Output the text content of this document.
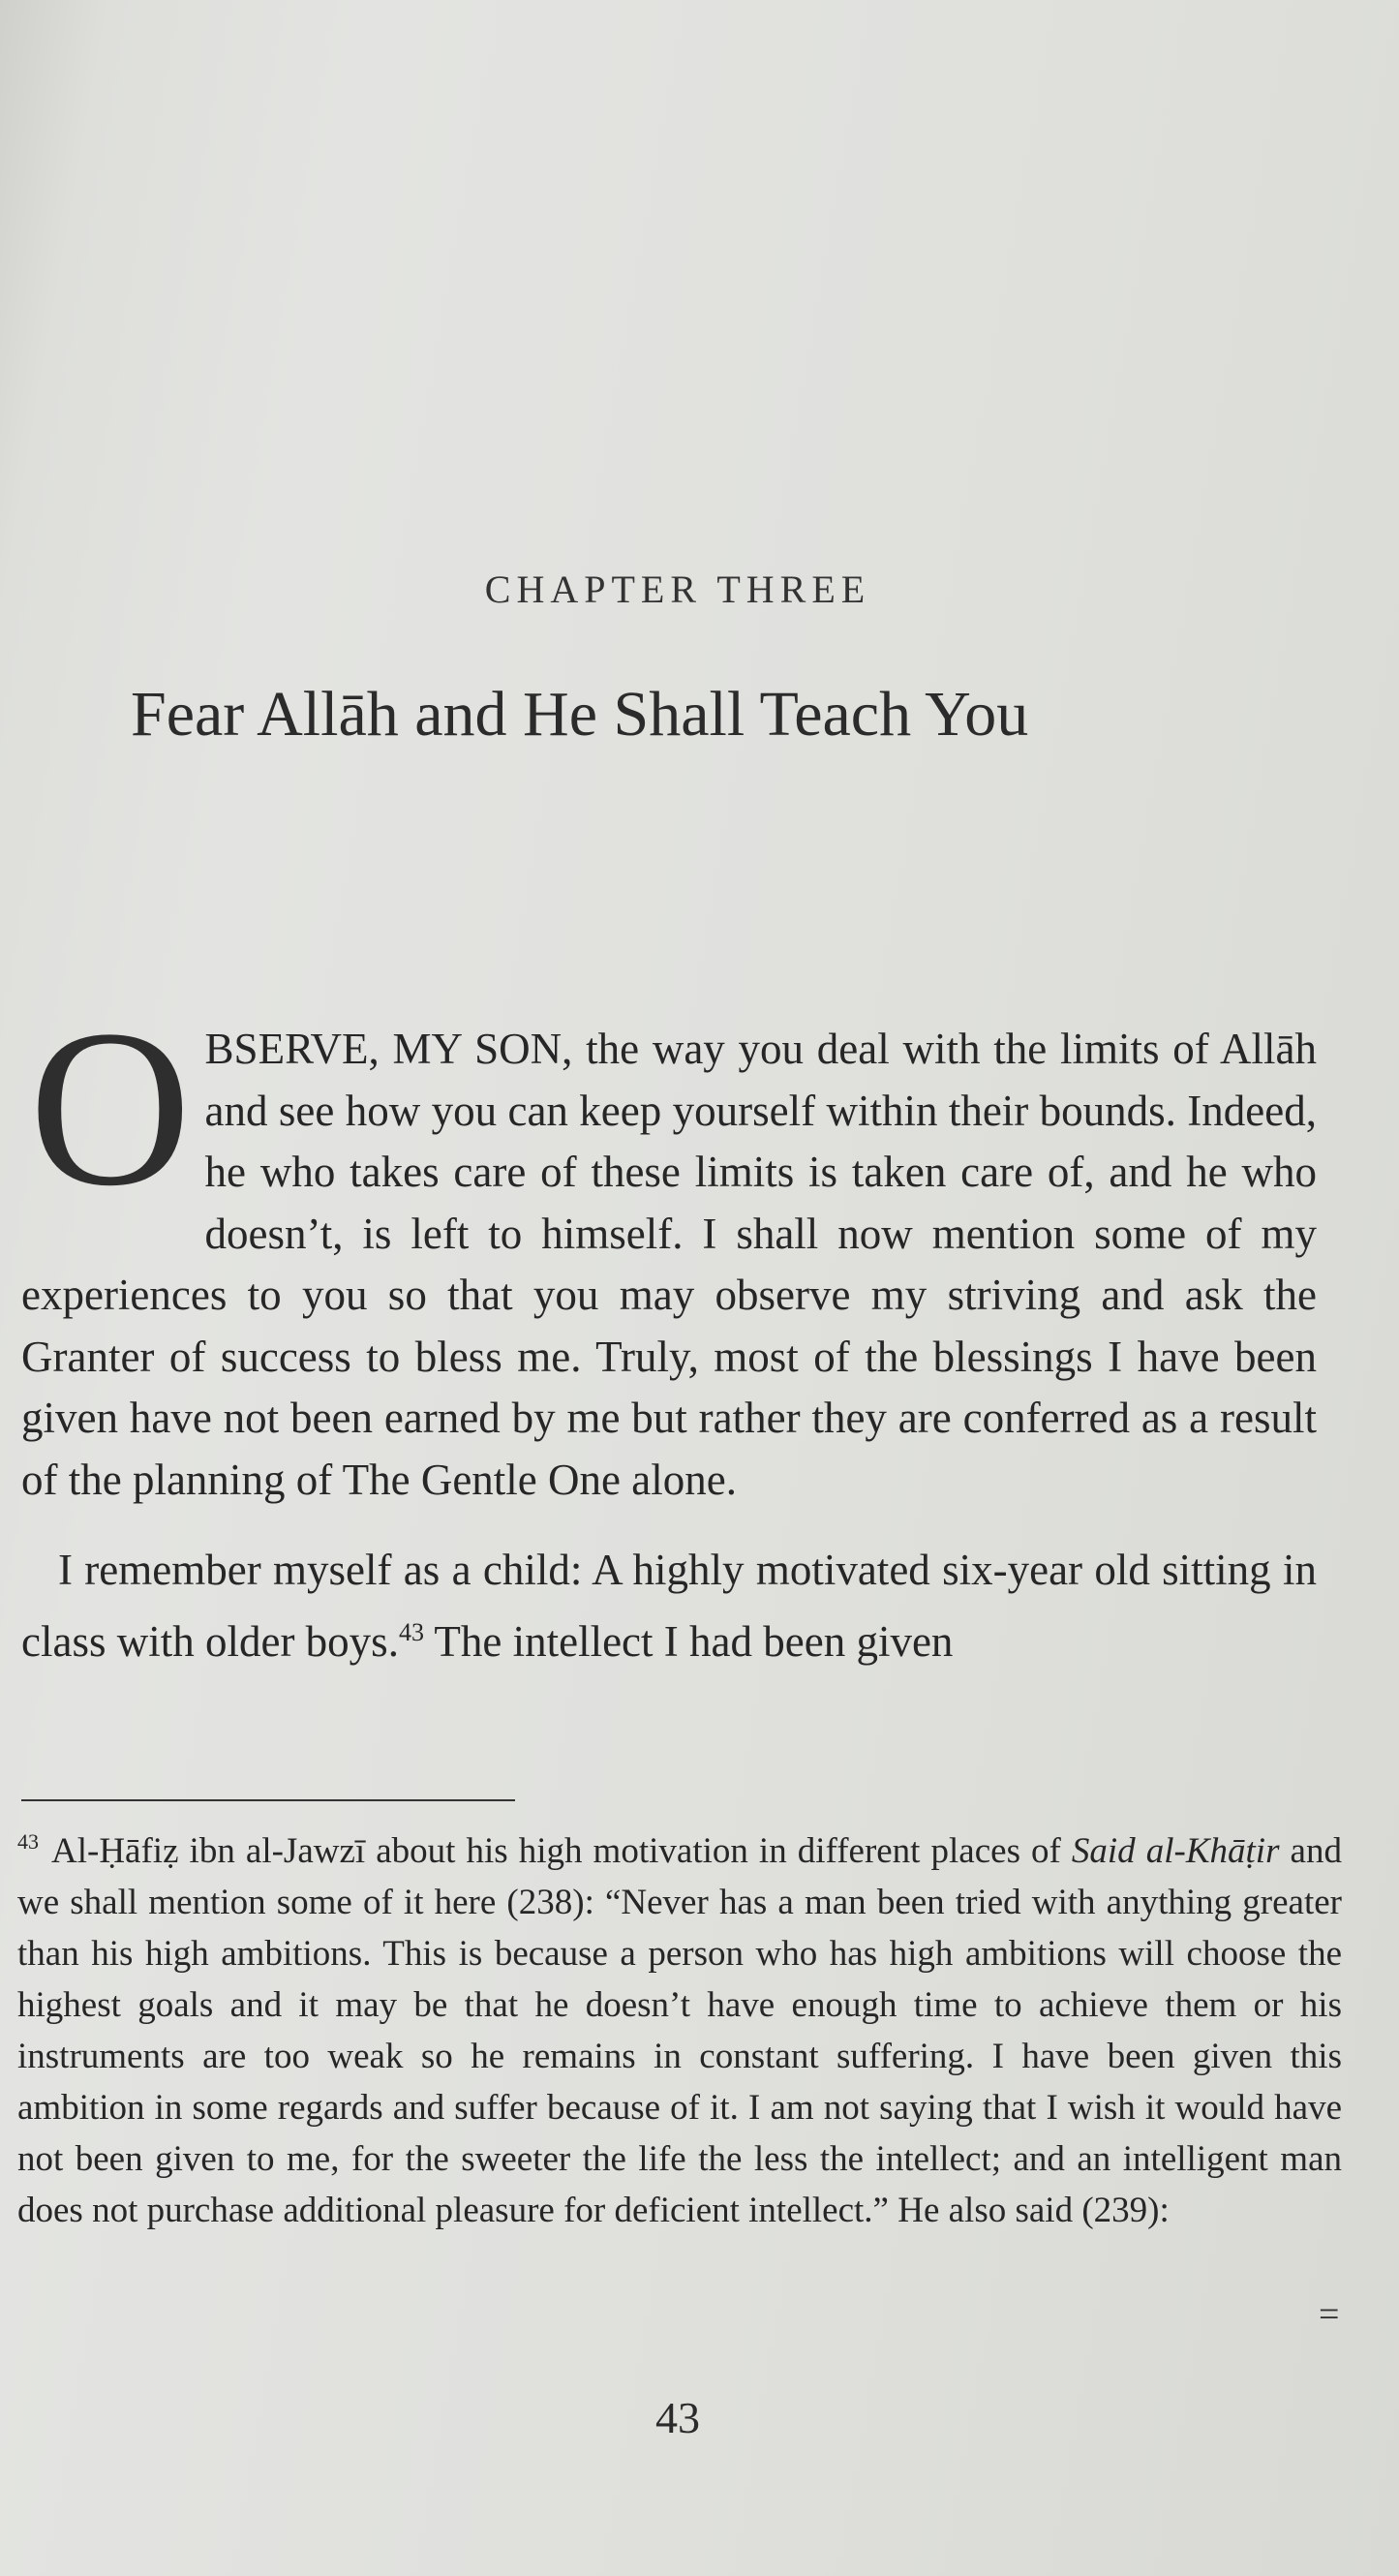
CHAPTER THREE
Fear Allāh and He Shall Teach You

OBSERVE, MY SON, the way you deal with the limits of Allāh and see how you can keep yourself within their bounds. Indeed, he who takes care of these limits is taken care of, and he who doesn’t, is left to himself. I shall now mention some of my experiences to you so that you may observe my striving and ask the Granter of success to bless me. Truly, most of the blessings I have been given have not been earned by me but rather they are conferred as a result of the planning of The Gentle One alone.

I remember myself as a child: A highly motivated six-year old sitting in class with older boys.$^{43}$ The intellect I had been given

$^{43}$ Al-Ḥāfiẓ ibn al-Jawzī about his high motivation in different places of Said al-Khāṭir and we shall mention some of it here (238): “Never has a man been tried with anything greater than his high ambitions. This is because a person who has high ambitions will choose the highest goals and it may be that he doesn’t have enough time to achieve them or his instruments are too weak so he remains in constant suffering. I have been given this ambition in some regards and suffer because of it. I am not saying that I wish it would have not been given to me, for the sweeter the life the less the intellect; and an intelligent man does not purchase additional pleasure for deficient intellect.” He also said (239):
=
43
